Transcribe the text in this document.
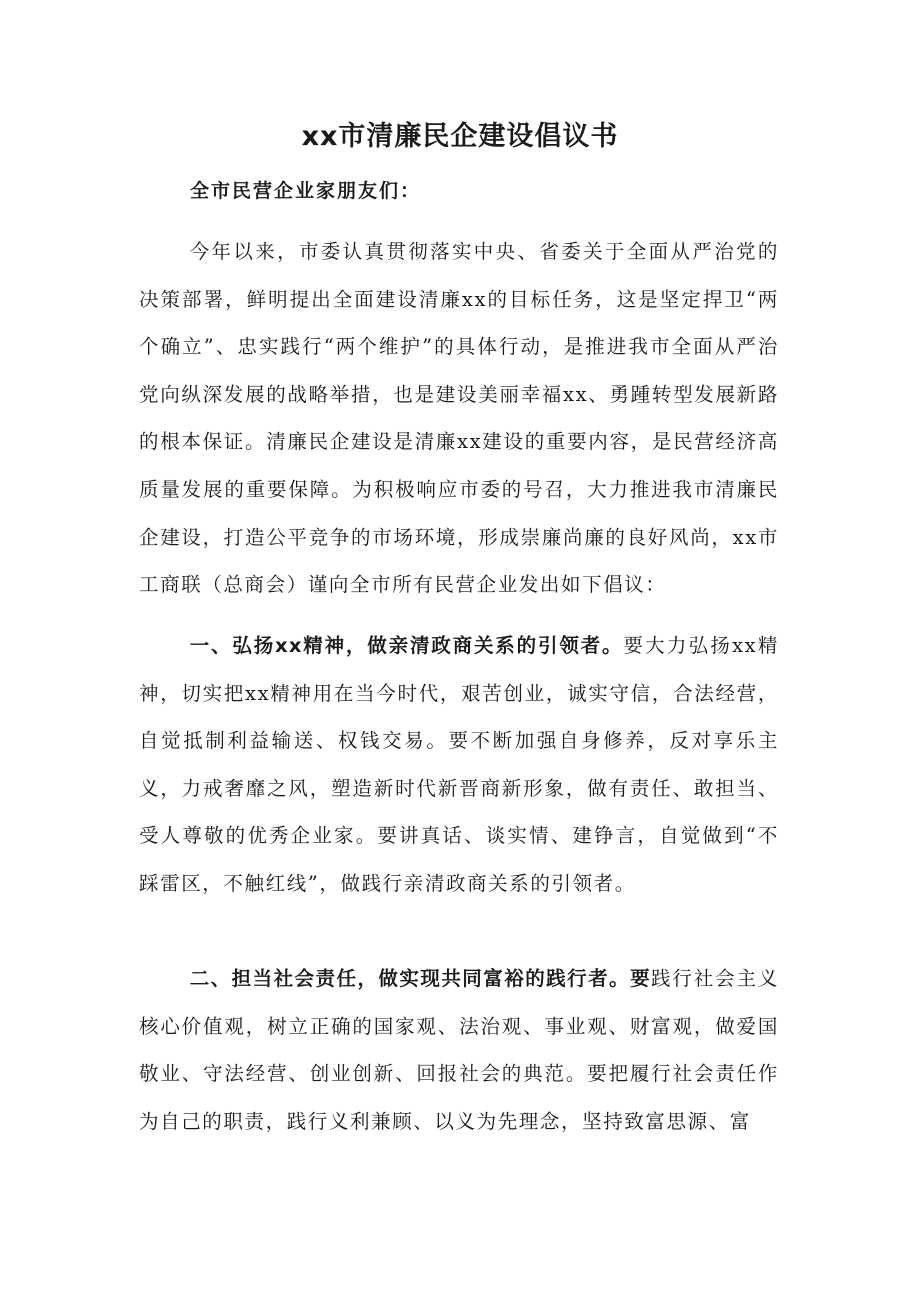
xx市清廉民企建设倡议书

全市民营企业家朋友们：

今年以来，市委认真贯彻落实中央、省委关于全面从严治党的决策部署，鲜明提出全面建设清廉xx的目标任务，这是坚定捍卫“两个确立”、忠实践行“两个维护”的具体行动，是推进我市全面从严治党向纵深发展的战略举措，也是建设美丽幸福xx、勇踵转型发展新路的根本保证。清廉民企建设是清廉xx建设的重要内容，是民营经济高质量发展的重要保障。为积极响应市委的号召，大力推进我市清廉民企建设，打造公平竞争的市场环境，形成崇廉尚廉的良好风尚，xx市工商联（总商会）谨向全市所有民营企业发出如下倡议：

一、弘扬xx精神，做亲清政商关系的引领者。要大力弘扬xx精神，切实把xx精神用在当今时代，艰苦创业，诚实守信，合法经营，自觉抵制利益输送、权钱交易。要不断加强自身修养，反对享乐主义，力戒奢靡之风，塑造新时代新晋商新形象，做有责任、敢担当、受人尊敬的优秀企业家。要讲真话、谈实情、建铮言，自觉做到“不踩雷区，不触红线”，做践行亲清政商关系的引领者。

二、担当社会责任，做实现共同富裕的践行者。要践行社会主义核心价值观，树立正确的国家观、法治观、事业观、财富观，做爱国敬业、守法经营、创业创新、回报社会的典范。要把履行社会责任作为自己的职责，践行义利兼顾、以义为先理念，坚持致富思源、富
